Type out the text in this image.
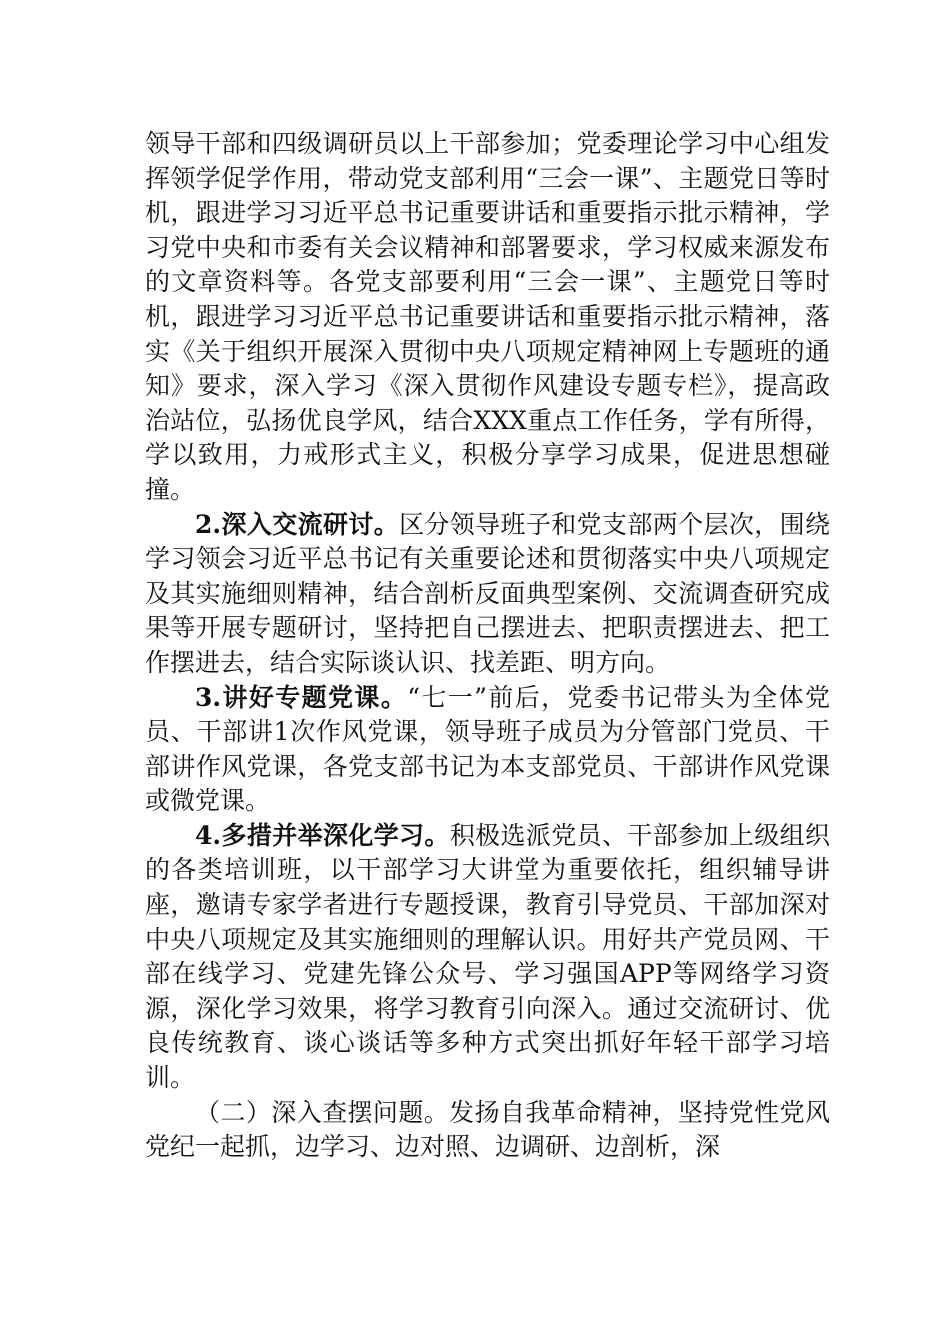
领导干部和四级调研员以上干部参加；党委理论学习中心组发挥领学促学作用，带动党支部利用“三会一课”、主题党日等时机，跟进学习习近平总书记重要讲话和重要指示批示精神，学习党中央和市委有关会议精神和部署要求，学习权威来源发布的文章资料等。各党支部要利用“三会一课”、主题党日等时机，跟进学习习近平总书记重要讲话和重要指示批示精神，落实《关于组织开展深入贯彻中央八项规定精神网上专题班的通知》要求，深入学习《深入贯彻作风建设专题专栏》，提高政治站位，弘扬优良学风，结合XXX重点工作任务，学有所得，学以致用，力戒形式主义，积极分享学习成果，促进思想碰撞。

2.深入交流研讨。区分领导班子和党支部两个层次，围绕学习领会习近平总书记有关重要论述和贯彻落实中央八项规定及其实施细则精神，结合剖析反面典型案例、交流调查研究成果等开展专题研讨，坚持把自己摆进去、把职责摆进去、把工作摆进去，结合实际谈认识、找差距、明方向。

3.讲好专题党课。“七一”前后，党委书记带头为全体党员、干部讲1次作风党课，领导班子成员为分管部门党员、干部讲作风党课，各党支部书记为本支部党员、干部讲作风党课或微党课。

4.多措并举深化学习。积极选派党员、干部参加上级组织的各类培训班，以干部学习大讲堂为重要依托，组织辅导讲座，邀请专家学者进行专题授课，教育引导党员、干部加深对中央八项规定及其实施细则的理解认识。用好共产党员网、干部在线学习、党建先锋公众号、学习强国APP等网络学习资源，深化学习效果，将学习教育引向深入。通过交流研讨、优良传统教育、谈心谈话等多种方式突出抓好年轻干部学习培训。

（二）深入查摆问题。发扬自我革命精神，坚持党性党风党纪一起抓，边学习、边对照、边调研、边剖析，深
